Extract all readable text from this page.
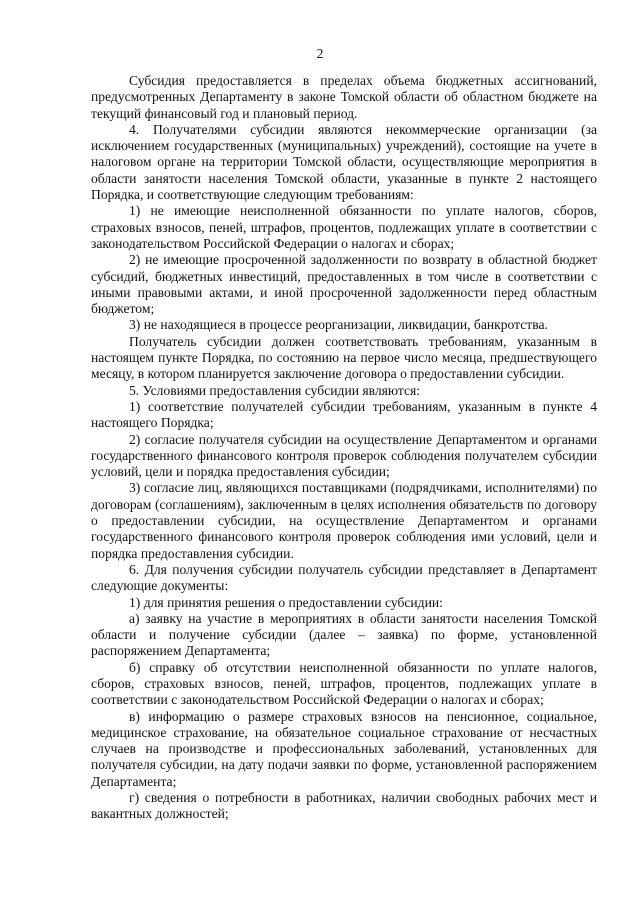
2

Субсидия предоставляется в пределах объема бюджетных ассигнований, предусмотренных Департаменту в законе Томской области об областном бюджете на текущий финансовый год и плановый период.

4. Получателями субсидии являются некоммерческие организации (за исключением государственных (муниципальных) учреждений), состоящие на учете в налоговом органе на территории Томской области, осуществляющие мероприятия в области занятости населения Томской области, указанные в пункте 2 настоящего Порядка, и соответствующие следующим требованиям:

1) не имеющие неисполненной обязанности по уплате налогов, сборов, страховых взносов, пеней, штрафов, процентов, подлежащих уплате в соответствии с законодательством Российской Федерации о налогах и сборах;

2) не имеющие просроченной задолженности по возврату в областной бюджет субсидий, бюджетных инвестиций, предоставленных в том числе в соответствии с иными правовыми актами, и иной просроченной задолженности перед областным бюджетом;

3) не находящиеся в процессе реорганизации, ликвидации, банкротства.

Получатель субсидии должен соответствовать требованиям, указанным в настоящем пункте Порядка, по состоянию на первое число месяца, предшествующего месяцу, в котором планируется заключение договора о предоставлении субсидии.

5. Условиями предоставления субсидии являются:

1) соответствие получателей субсидии требованиям, указанным в пункте 4 настоящего Порядка;

2) согласие получателя субсидии на осуществление Департаментом и органами государственного финансового контроля проверок соблюдения получателем субсидии условий, цели и порядка предоставления субсидии;

3) согласие лиц, являющихся поставщиками (подрядчиками, исполнителями) по договорам (соглашениям), заключенным в целях исполнения обязательств по договору о предоставлении субсидии, на осуществление Департаментом и органами государственного финансового контроля проверок соблюдения ими условий, цели и порядка предоставления субсидии.

6. Для получения субсидии получатель субсидии представляет в Департамент следующие документы:

1) для принятия решения о предоставлении субсидии:

а) заявку на участие в мероприятиях в области занятости населения Томской области и получение субсидии (далее – заявка) по форме, установленной распоряжением Департамента;

б) справку об отсутствии неисполненной обязанности по уплате налогов, сборов, страховых взносов, пеней, штрафов, процентов, подлежащих уплате в соответствии с законодательством Российской Федерации о налогах и сборах;

в) информацию о размере страховых взносов на пенсионное, социальное, медицинское страхование, на обязательное социальное страхование от несчастных случаев на производстве и профессиональных заболеваний, установленных для получателя субсидии, на дату подачи заявки по форме, установленной распоряжением Департамента;

г) сведения о потребности в работниках, наличии свободных рабочих мест и вакантных должностей;
